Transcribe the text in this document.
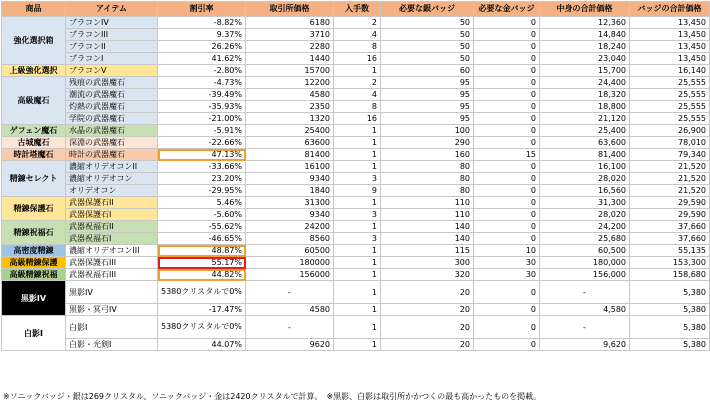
商品	アイテム	割引率	取引所価格	入手数	必要な銀バッジ	必要な金バッジ	中身の合計価格	バッジの合計価格
強化選択箱	ブラコンIV	-8.82%	6180	2	50	0	12,360	13,450
	ブラコンIII	9.37%	3710	4	50	0	14,840	13,450
	ブラコンII	26.26%	2280	8	50	0	18,240	13,450
	ブラコンI	41.62%	1440	16	50	0	23,040	13,450
上級強化選択	ブラコンV	-2.80%	15700	1	60	0	15,700	16,140
高級魔石	残痕の武器魔石	-4.73%	12200	2	95	0	24,400	25,555
	潮流の武器魔石	-39.49%	4580	4	95	0	18,320	25,555
	灼熱の武器魔石	-35.93%	2350	8	95	0	18,800	25,555
	学院の武器魔石	-21.00%	1320	16	95	0	21,120	25,555
ゲフェン魔石	水晶の武器魔石	-5.91%	25400	1	100	0	25,400	26,900
古城魔石	深淵の武器魔石	-22.66%	63600	1	290	0	63,600	78,010
時計塔魔石	時計の武器魔石	47.13%	81400	1	160	15	81,400	79,340
精錬セレクト	濃縮オリデオコンII	-33.66%	16100	1	80	0	16,100	21,520
	濃縮オリデオコン	23.20%	9340	3	80	0	28,020	21,520
	オリデオコン	-29.95%	1840	9	80	0	16,560	21,520
精錬保護石	武器保護石II	5.46%	31300	1	110	0	31,300	29,590
	武器保護石I	-5.60%	9340	3	110	0	28,020	29,590
精錬祝福石	武器祝福石II	-55.62%	24200	1	140	0	24,200	37,660
	武器祝福石I	-46.65%	8560	3	140	0	25,680	37,660
高密度精錬	濃縮オリデオコンIII	48.87%	60500	1	115	10	60,500	55,135
高級精錬保護	武器保護石III	55.17%	180000	1	300	30	180,000	153,300
高級精錬祝福	武器祝福石III	44.82%	156000	1	320	30	156,000	158,680
黒影IV	黒影IV	5380クリスタルで0%	-	1	20	0	-	5,380
	黒影・冥弓IV	-17.47%	4580	1	20	0	4,580	5,380
白影I	白影I	5380クリスタルで0%	-	1	20	0	-	5,380
	白影・光剣I	44.07%	9620	1	20	0	9,620	5,380
※ソニックバッジ・銀は269クリスタル、ソニックバッジ・金は2420クリスタルで計算。　※黒影、白影は取引所かかつくの最も高かったものを掲載。
